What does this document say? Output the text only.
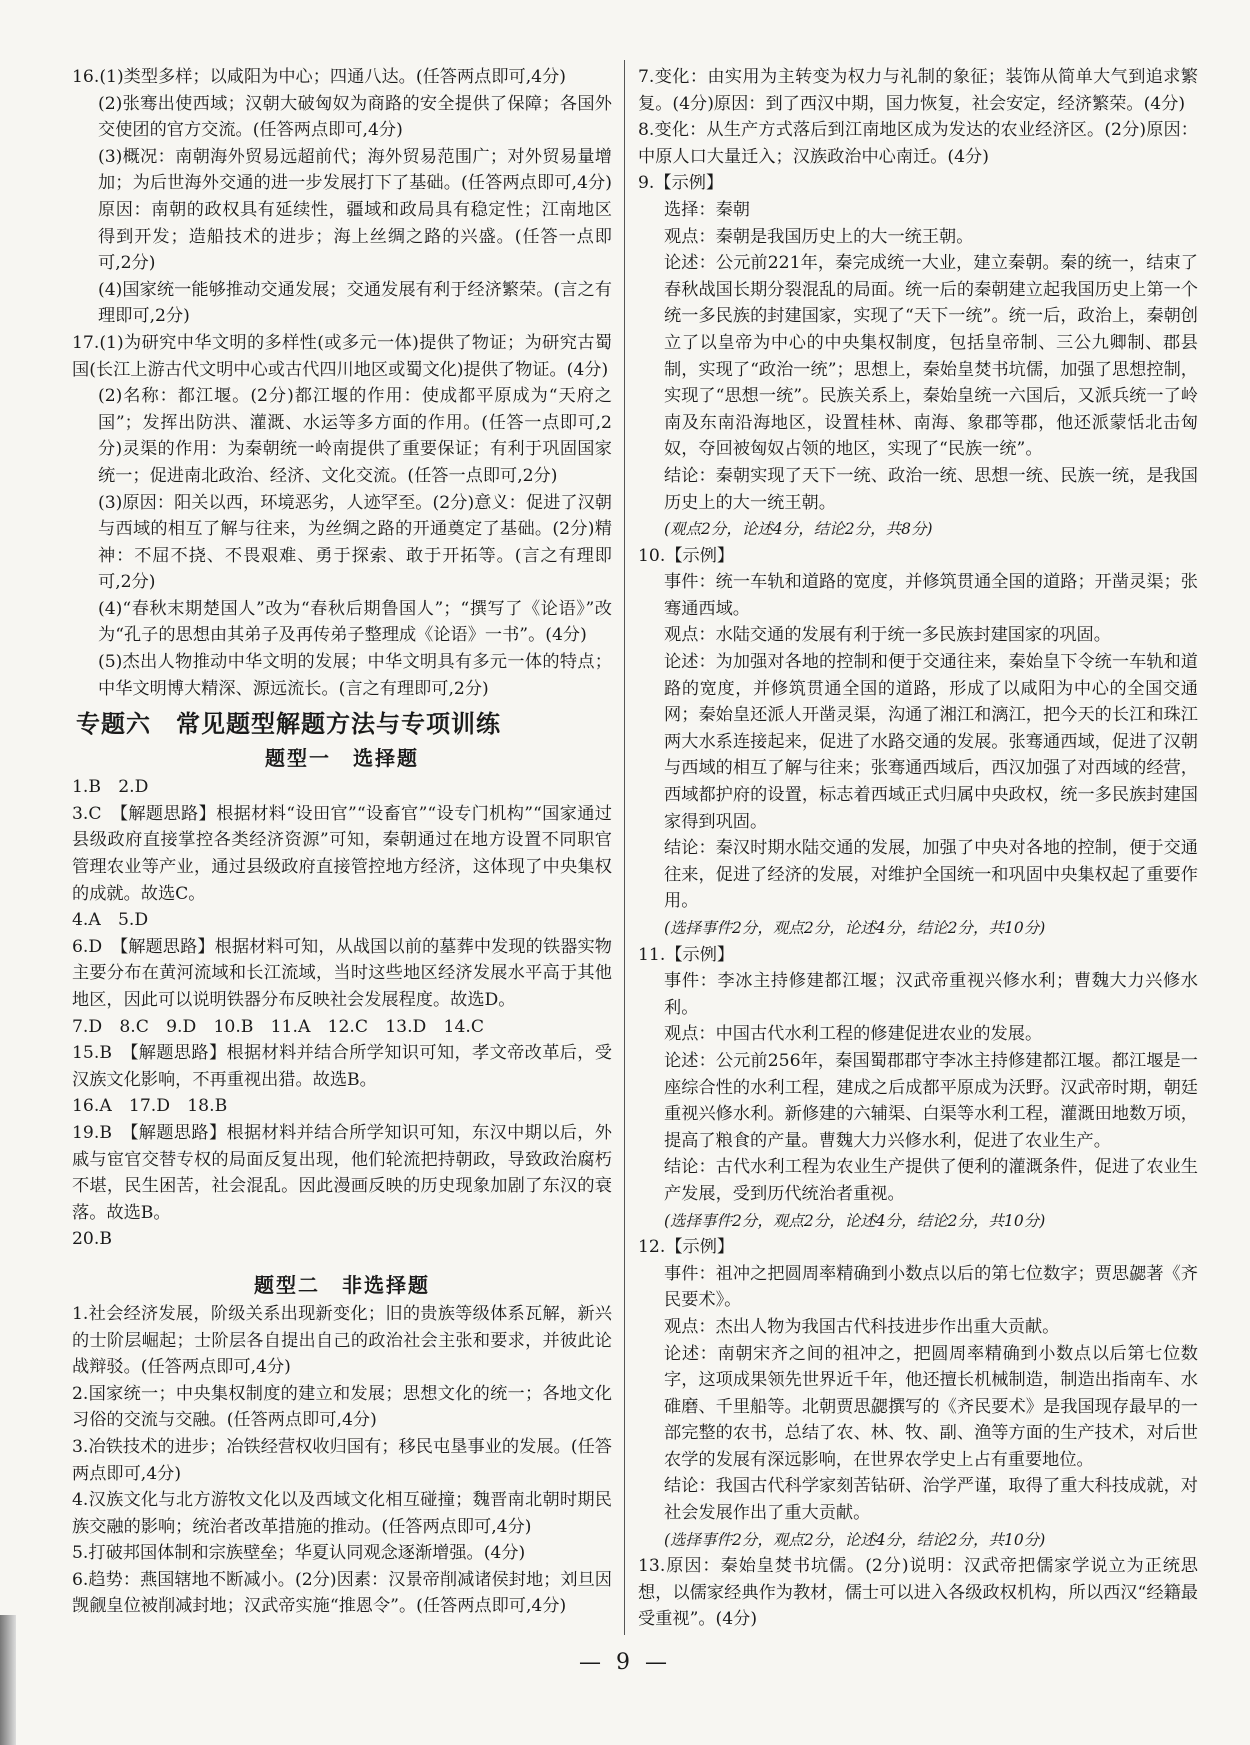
16.(1)类型多样；以咸阳为中心；四通八达。(任答两点即可,4分)

(2)张骞出使西域；汉朝大破匈奴为商路的安全提供了保障；各国外交使团的官方交流。(任答两点即可,4分)

(3)概况：南朝海外贸易远超前代；海外贸易范围广；对外贸易量增加；为后世海外交通的进一步发展打下了基础。(任答两点即可,4分)原因：南朝的政权具有延续性，疆域和政局具有稳定性；江南地区得到开发；造船技术的进步；海上丝绸之路的兴盛。(任答一点即可,2分)

(4)国家统一能够推动交通发展；交通发展有利于经济繁荣。(言之有理即可,2分)

17.(1)为研究中华文明的多样性(或多元一体)提供了物证；为研究古蜀国(长江上游古代文明中心或古代四川地区或蜀文化)提供了物证。(4分)

(2)名称：都江堰。(2分)都江堰的作用：使成都平原成为“天府之国”；发挥出防洪、灌溉、水运等多方面的作用。(任答一点即可,2分)灵渠的作用：为秦朝统一岭南提供了重要保证；有利于巩固国家统一；促进南北政治、经济、文化交流。(任答一点即可,2分)

(3)原因：阳关以西，环境恶劣，人迹罕至。(2分)意义：促进了汉朝与西域的相互了解与往来，为丝绸之路的开通奠定了基础。(2分)精神：不屈不挠、不畏艰难、勇于探索、敢于开拓等。(言之有理即可,2分)

(4)“春秋末期楚国人”改为“春秋后期鲁国人”；“撰写了《论语》”改为“孔子的思想由其弟子及再传弟子整理成《论语》一书”。(4分)

(5)杰出人物推动中华文明的发展；中华文明具有多元一体的特点；中华文明博大精深、源远流长。(言之有理即可,2分)

专题六　常见题型解题方法与专项训练
题型一　选择题

1.B　2.D

3.C　【解题思路】根据材料“设田官”“设畜官”“设专门机构”“国家通过县级政府直接掌控各类经济资源”可知，秦朝通过在地方设置不同职官管理农业等产业，通过县级政府直接管控地方经济，这体现了中央集权的成就。故选C。

4.A　5.D

6.D　【解题思路】根据材料可知，从战国以前的墓葬中发现的铁器实物主要分布在黄河流域和长江流域，当时这些地区经济发展水平高于其他地区，因此可以说明铁器分布反映社会发展程度。故选D。

7.D　8.C　9.D　10.B　11.A　12.C　13.D　14.C

15.B　【解题思路】根据材料并结合所学知识可知，孝文帝改革后，受汉族文化影响，不再重视出猎。故选B。

16.A　17.D　18.B

19.B　【解题思路】根据材料并结合所学知识可知，东汉中期以后，外戚与宦官交替专权的局面反复出现，他们轮流把持朝政，导致政治腐朽不堪，民生困苦，社会混乱。因此漫画反映的历史现象加剧了东汉的衰落。故选B。

20.B

题型二　非选择题

1.社会经济发展，阶级关系出现新变化；旧的贵族等级体系瓦解，新兴的士阶层崛起；士阶层各自提出自己的政治社会主张和要求，并彼此论战辩驳。(任答两点即可,4分)

2.国家统一；中央集权制度的建立和发展；思想文化的统一；各地文化习俗的交流与交融。(任答两点即可,4分)

3.冶铁技术的进步；冶铁经营权收归国有；移民屯垦事业的发展。(任答两点即可,4分)

4.汉族文化与北方游牧文化以及西域文化相互碰撞；魏晋南北朝时期民族交融的影响；统治者改革措施的推动。(任答两点即可,4分)

5.打破邦国体制和宗族壁垒；华夏认同观念逐渐增强。(4分)

6.趋势：燕国辖地不断减小。(2分)因素：汉景帝削减诸侯封地；刘旦因觊觎皇位被削减封地；汉武帝实施“推恩令”。(任答两点即可,4分)

7.变化：由实用为主转变为权力与礼制的象征；装饰从简单大气到追求繁复。(4分)原因：到了西汉中期，国力恢复，社会安定，经济繁荣。(4分)

8.变化：从生产方式落后到江南地区成为发达的农业经济区。(2分)原因：中原人口大量迁入；汉族政治中心南迁。(4分)

9.【示例】

选择：秦朝

观点：秦朝是我国历史上的大一统王朝。

论述：公元前221年，秦完成统一大业，建立秦朝。秦的统一，结束了春秋战国长期分裂混乱的局面。统一后的秦朝建立起我国历史上第一个统一多民族的封建国家，实现了“天下一统”。统一后，政治上，秦朝创立了以皇帝为中心的中央集权制度，包括皇帝制、三公九卿制、郡县制，实现了“政治一统”；思想上，秦始皇焚书坑儒，加强了思想控制，实现了“思想一统”。民族关系上，秦始皇统一六国后，又派兵统一了岭南及东南沿海地区，设置桂林、南海、象郡等郡，他还派蒙恬北击匈奴，夺回被匈奴占领的地区，实现了“民族一统”。

结论：秦朝实现了天下一统、政治一统、思想一统、民族一统，是我国历史上的大一统王朝。

(观点2分，论述4分，结论2分，共8分)

10.【示例】

事件：统一车轨和道路的宽度，并修筑贯通全国的道路；开凿灵渠；张骞通西域。

观点：水陆交通的发展有利于统一多民族封建国家的巩固。

论述：为加强对各地的控制和便于交通往来，秦始皇下令统一车轨和道路的宽度，并修筑贯通全国的道路，形成了以咸阳为中心的全国交通网；秦始皇还派人开凿灵渠，沟通了湘江和漓江，把今天的长江和珠江两大水系连接起来，促进了水路交通的发展。张骞通西域，促进了汉朝与西域的相互了解与往来；张骞通西域后，西汉加强了对西域的经营，西域都护府的设置，标志着西域正式归属中央政权，统一多民族封建国家得到巩固。

结论：秦汉时期水陆交通的发展，加强了中央对各地的控制，便于交通往来，促进了经济的发展，对维护全国统一和巩固中央集权起了重要作用。

(选择事件2分，观点2分，论述4分，结论2分，共10分)

11.【示例】

事件：李冰主持修建都江堰；汉武帝重视兴修水利；曹魏大力兴修水利。

观点：中国古代水利工程的修建促进农业的发展。

论述：公元前256年，秦国蜀郡郡守李冰主持修建都江堰。都江堰是一座综合性的水利工程，建成之后成都平原成为沃野。汉武帝时期，朝廷重视兴修水利。新修建的六辅渠、白渠等水利工程，灌溉田地数万顷，提高了粮食的产量。曹魏大力兴修水利，促进了农业生产。

结论：古代水利工程为农业生产提供了便利的灌溉条件，促进了农业生产发展，受到历代统治者重视。

(选择事件2分，观点2分，论述4分，结论2分，共10分)

12.【示例】

事件：祖冲之把圆周率精确到小数点以后的第七位数字；贾思勰著《齐民要术》。

观点：杰出人物为我国古代科技进步作出重大贡献。

论述：南朝宋齐之间的祖冲之，把圆周率精确到小数点以后第七位数字，这项成果领先世界近千年，他还擅长机械制造，制造出指南车、水碓磨、千里船等。北朝贾思勰撰写的《齐民要术》是我国现存最早的一部完整的农书，总结了农、林、牧、副、渔等方面的生产技术，对后世农学的发展有深远影响，在世界农学史上占有重要地位。

结论：我国古代科学家刻苦钻研、治学严谨，取得了重大科技成就，对社会发展作出了重大贡献。

(选择事件2分，观点2分，论述4分，结论2分，共10分)

13.原因：秦始皇焚书坑儒。(2分)说明：汉武帝把儒家学说立为正统思想，以儒家经典作为教材，儒士可以进入各级政权机构，所以西汉“经籍最受重视”。(4分)

— 9 —
